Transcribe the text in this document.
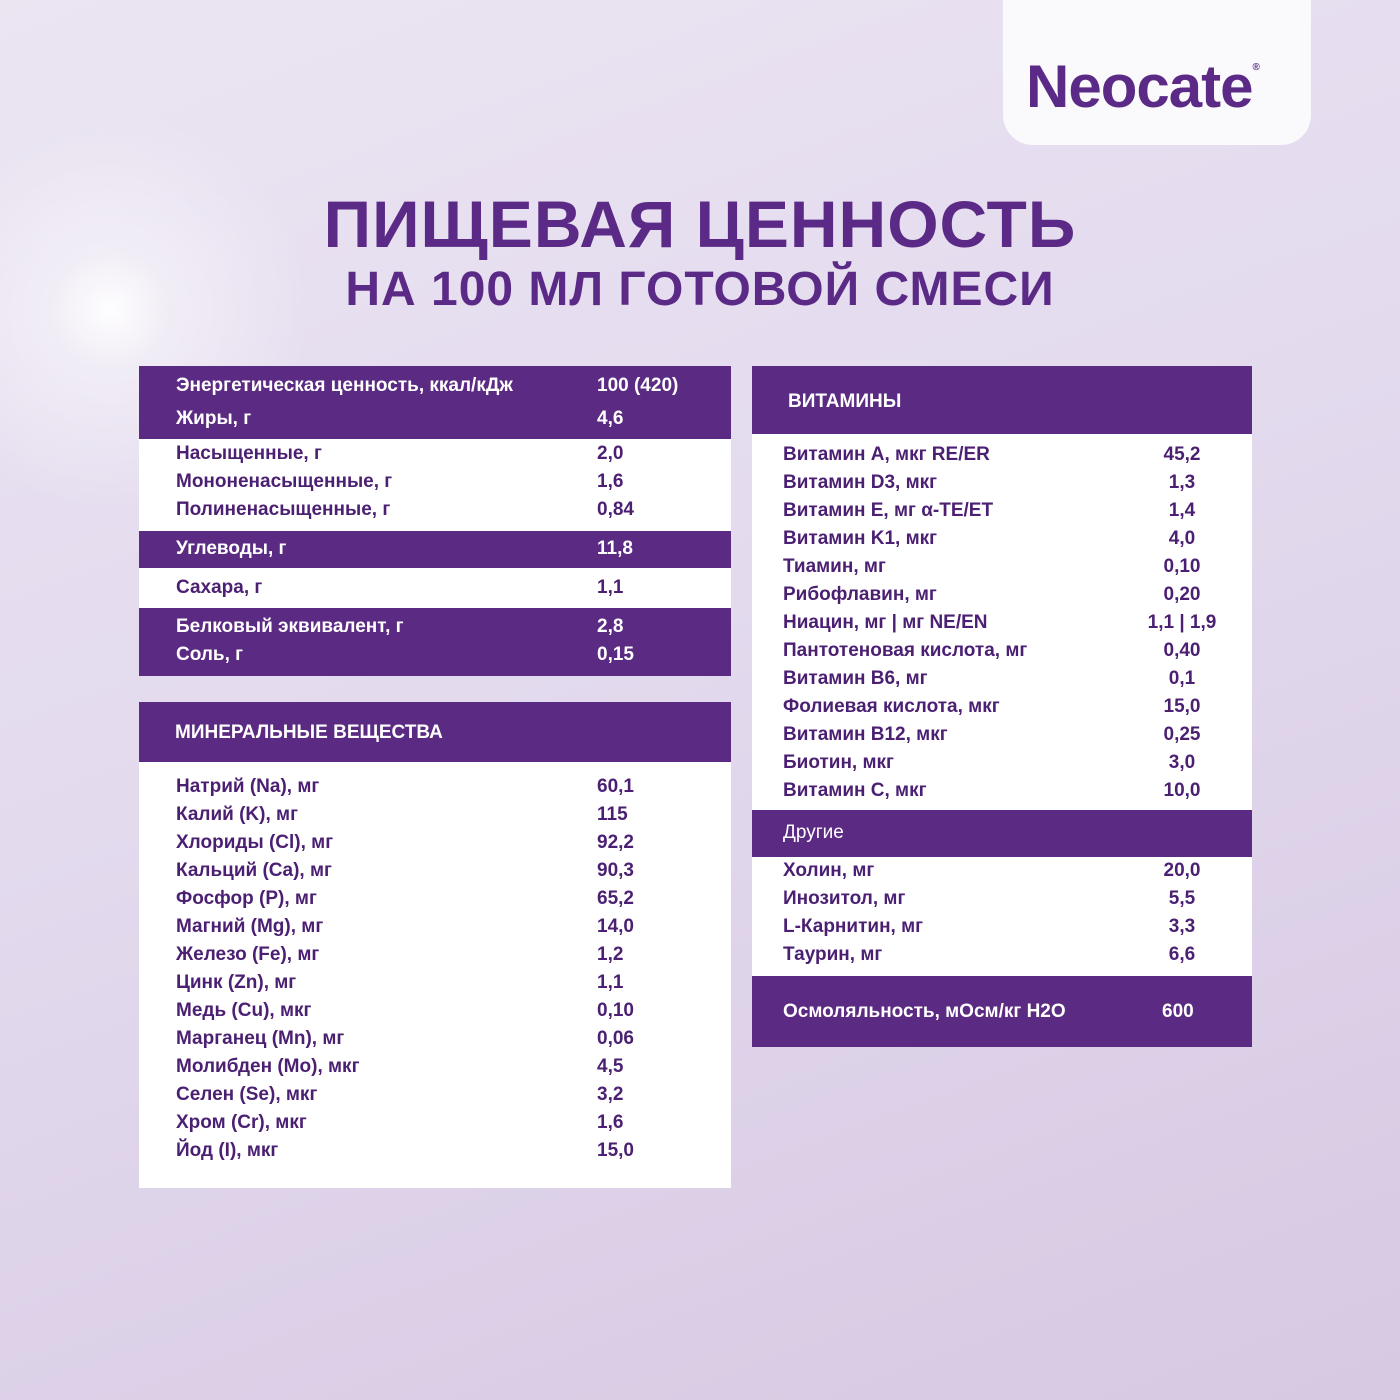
Neocate®
ПИЩЕВАЯ ЦЕННОСТЬ
НА 100 МЛ ГОТОВОЙ СМЕСИ
Энергетическая ценность, ккал/кДж	100 (420)
Жиры, г	4,6
Насыщенные, г	2,0
Мононенасыщенные, г	1,6
Полиненасыщенные, г	0,84
Углеводы, г	11,8
Сахара, г	1,1
Белковый эквивалент, г	2,8
Соль, г	0,15
МИНЕРАЛЬНЫЕ ВЕЩЕСТВА
Натрий (Na), мг	60,1
Калий (K), мг	115
Хлориды (Cl), мг	92,2
Кальций (Ca), мг	90,3
Фосфор (P), мг	65,2
Магний (Mg), мг	14,0
Железо (Fe), мг	1,2
Цинк (Zn), мг	1,1
Медь (Cu), мкг	0,10
Марганец (Mn), мг	0,06
Молибден (Mo), мкг	4,5
Селен (Se), мкг	3,2
Хром (Cr), мкг	1,6
Йод (I), мкг	15,0
ВИТАМИНЫ
Витамин A, мкг RE/ER	45,2
Витамин D3, мкг	1,3
Витамин E, мг α-TE/ET	1,4
Витамин K1, мкг	4,0
Тиамин, мг	0,10
Рибофлавин, мг	0,20
Ниацин, мг | мг NE/EN	1,1 | 1,9
Пантотеновая кислота, мг	0,40
Витамин B6, мг	0,1
Фолиевая кислота, мкг	15,0
Витамин B12, мкг	0,25
Биотин, мкг	3,0
Витамин C, мкг	10,0
Другие
Холин, мг	20,0
Инозитол, мг	5,5
L-Карнитин, мг	3,3
Таурин, мг	6,6
Осмоляльность, мОсм/кг H2O	600
